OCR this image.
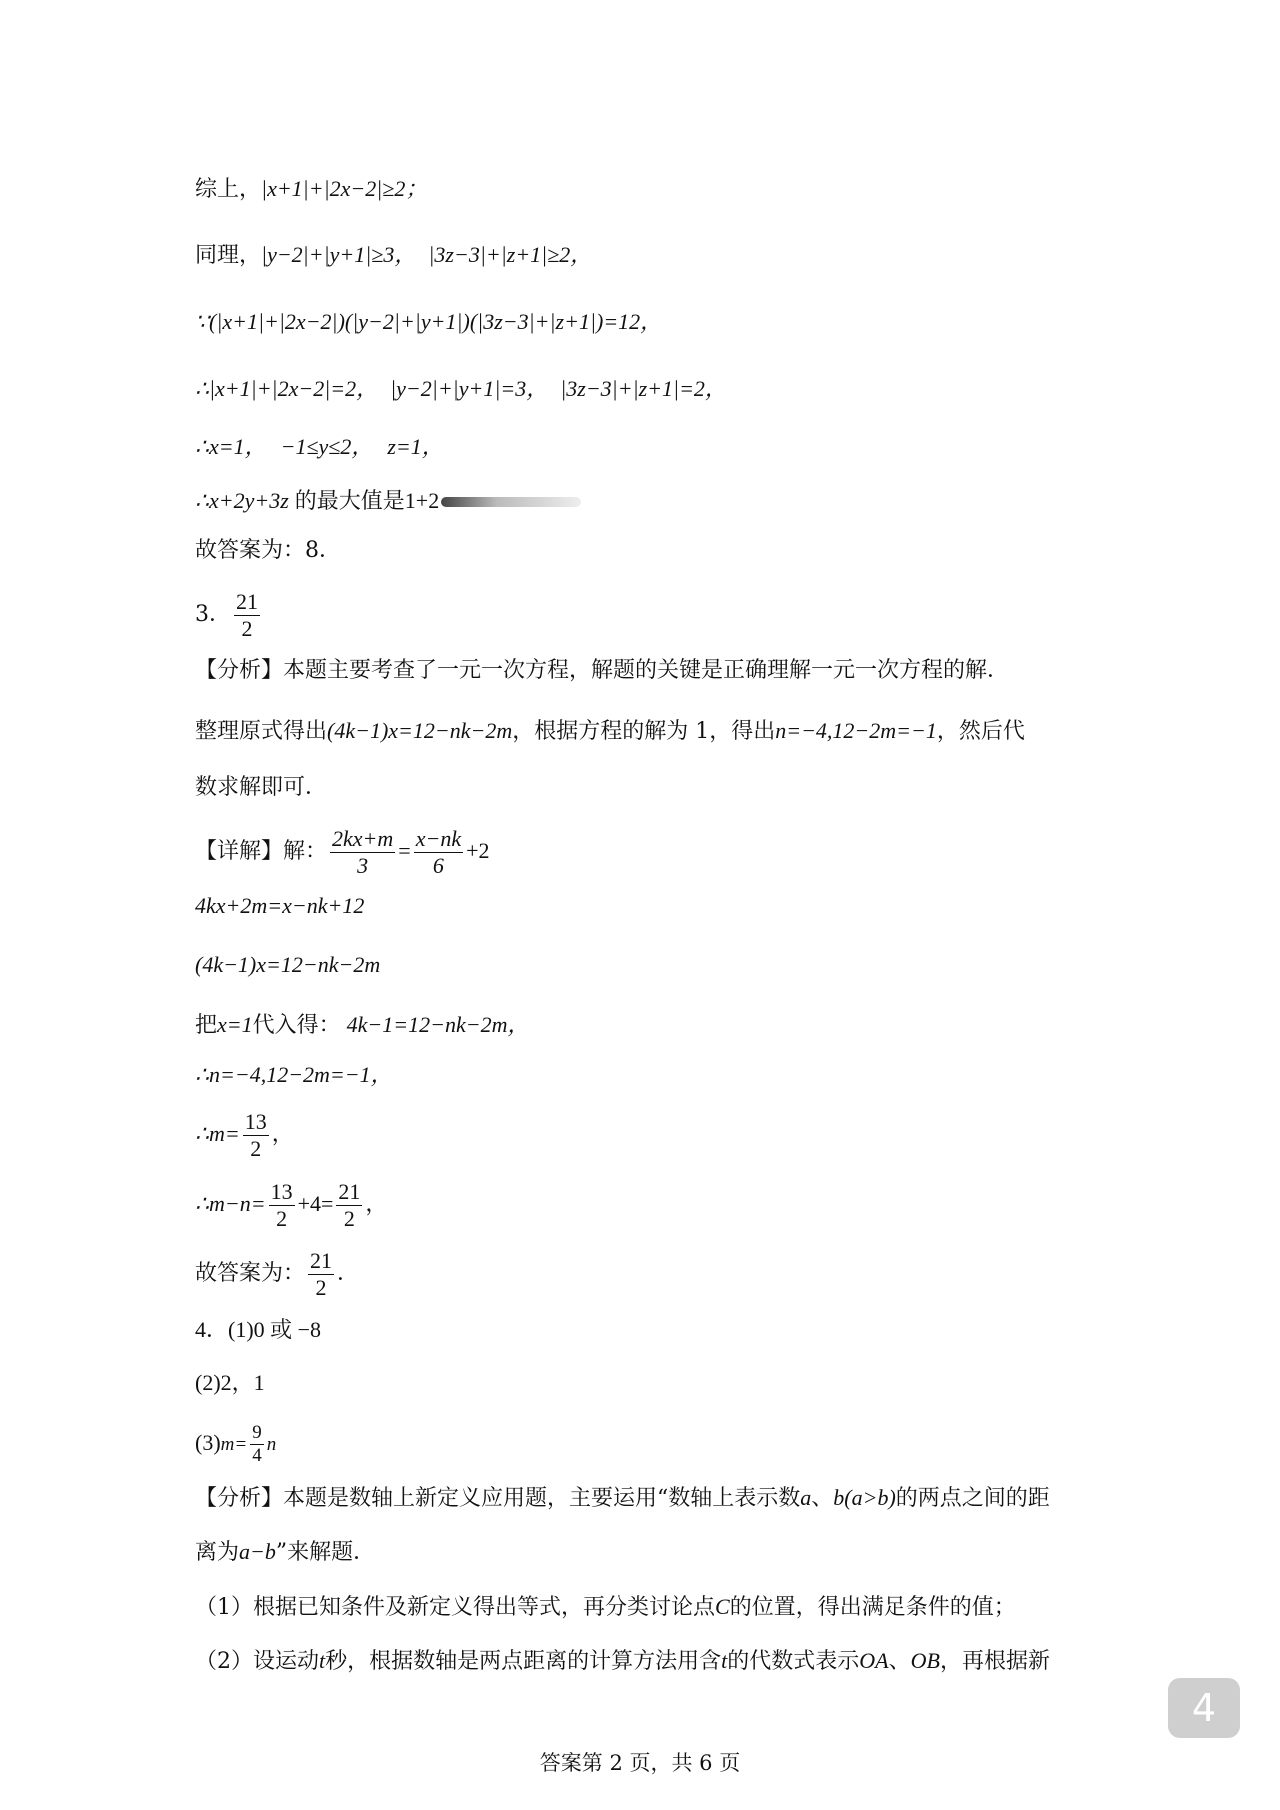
综上，|x+1|+|2x−2|≥2；
同理，|y−2|+|y+1|≥3， |3z−3|+|z+1|≥2，
∵(|x+1|+|2x−2|)(|y−2|+|y+1|)(|3z−3|+|z+1|)=12，
∴|x+1|+|2x−2|=2， |y−2|+|y+1|=3， |3z−3|+|z+1|=2，
∴x=1， −1≤y≤2， z=1，
∴x+2y+3z 的最大值是1+2
故答案为：8．
3． $\frac{21}{2}$
【分析】本题主要考查了一元一次方程，解题的关键是正确理解一元一次方程的解．
整理原式得出(4k−1)x=12−nk−2m，根据方程的解为 1，得出n=−4,12−2m=−1，然后代
数求解即可．
【详解】解： $\frac{2kx+m}{3} = \frac{x-nk}{6} +2$
4kx+2m=x−nk+12
(4k−1)x=12−nk−2m
把x=1代入得： 4k−1=12−nk−2m，
∴n=−4,12−2m=−1，
∴m= $\frac{13}{2}$ ，
∴m−n= $\frac{13}{2} +4= \frac{21}{2}$ ，
故答案为： $\frac{21}{2}$ ．
4．(1)0 或 −8
(2)2，1
$(3)m= \frac{9}{4}$ n
【分析】本题是数轴上新定义应用题，主要运用“数轴上表示数a、b(a>b)的两点之间的距
离为a−b”来解题．
（1）根据已知条件及新定义得出等式，再分类讨论点C的位置，得出满足条件的值；
（2）设运动t秒，根据数轴是两点距离的计算方法用含t的代数式表示OA、OB，再根据新
4
答案第 2 页，共 6 页
